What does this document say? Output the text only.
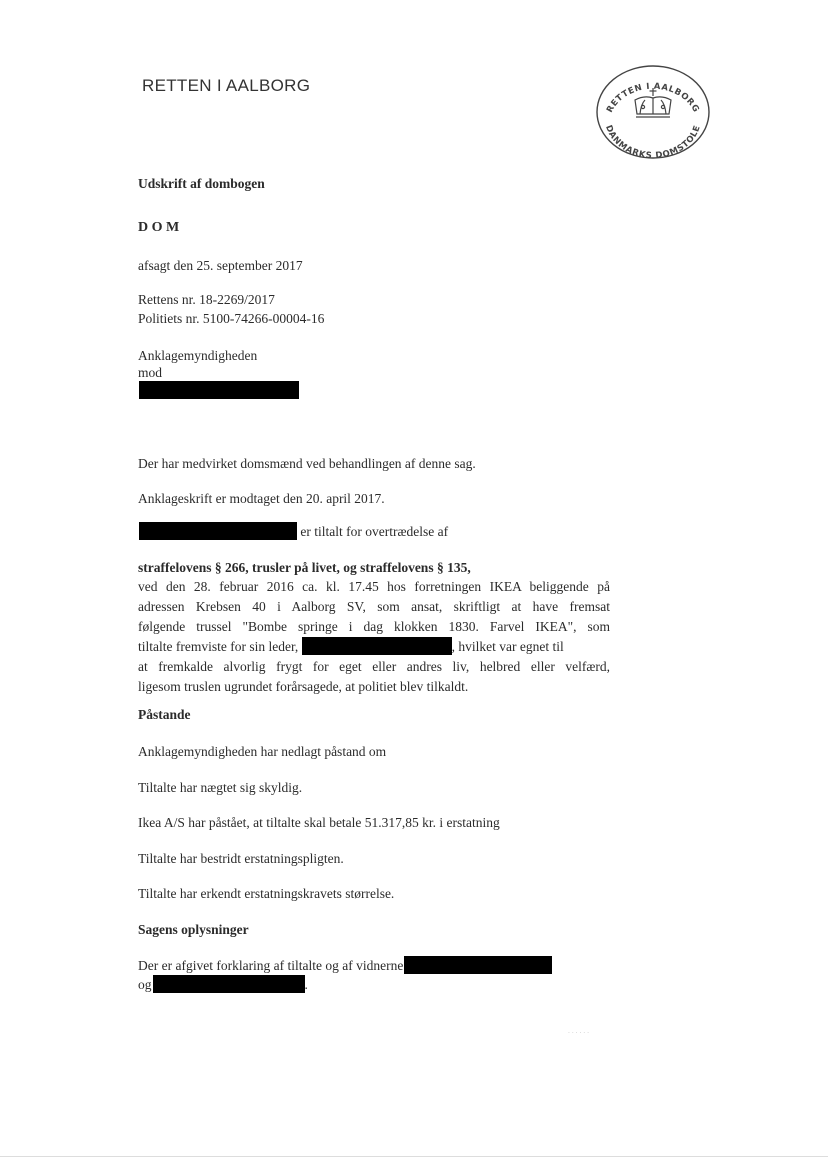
RETTEN I AALBORG
RETTEN I AALBORG
DANMARKS DOMSTOLE
Udskrift af dombogen
D O M
afsagt den 25. september 2017
Rettens nr. 18-2269/2017
Politiets nr. 5100-74266-00004-16
Anklagemyndigheden
mod
Der har medvirket domsmænd ved behandlingen af denne sag.
Anklageskrift er modtaget den 20. april 2017.
er tiltalt for overtrædelse af
straffelovens § 266, trusler på livet, og straffelovens § 135,
ved den 28. februar 2016 ca. kl. 17.45 hos forretningen IKEA beliggende på
adressen Krebsen 40 i Aalborg SV, som ansat, skriftligt at have fremsat
følgende trussel "Bombe springe i dag klokken 1830. Farvel IKEA", som
tiltalte fremviste for sin leder,	, hvilket var egnet til
at fremkalde alvorlig frygt for eget eller andres liv, helbred eller velfærd,
ligesom truslen ugrundet forårsagede, at politiet blev tilkaldt.
Påstande
Anklagemyndigheden har nedlagt påstand om
Tiltalte har nægtet sig skyldig.
Ikea A/S har påstået, at tiltalte skal betale 51.317,85 kr. i erstatning
Tiltalte har bestridt erstatningspligten.
Tiltalte har erkendt erstatningskravets størrelse.
Sagens oplysninger
Der er afgivet forklaring af tiltalte og af vidnerne
og	.
· · · · · ·
